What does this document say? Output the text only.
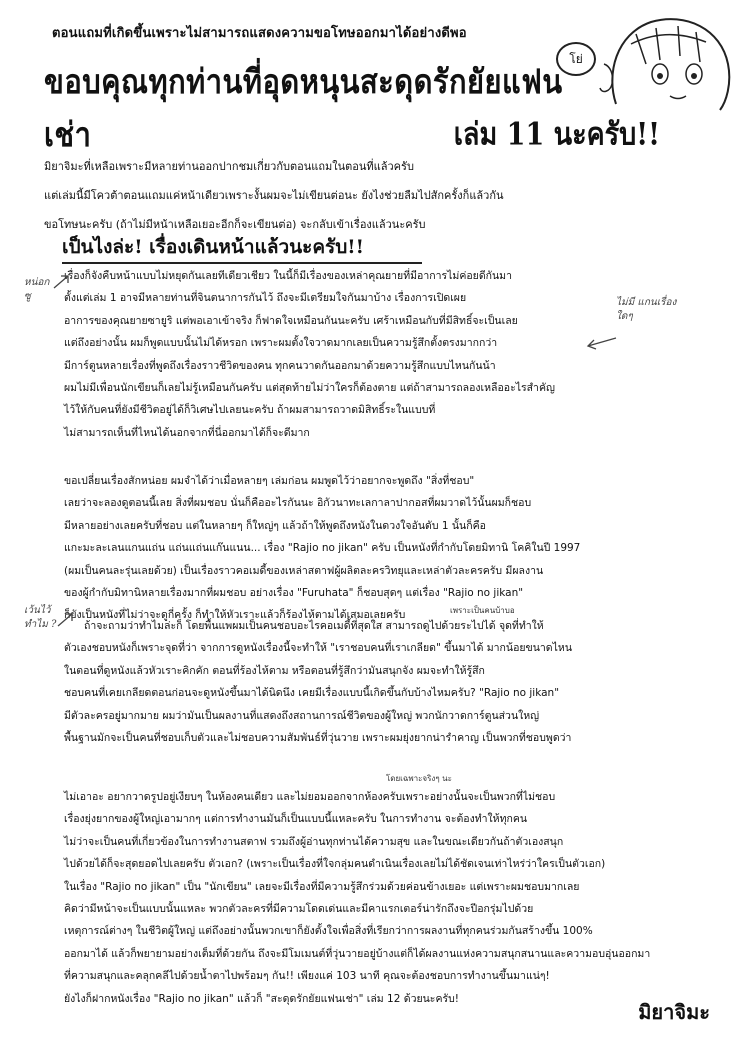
ตอนแถมที่เกิดขึ้นเพราะไม่สามารถแสดงความขอโทษออกมาได้อย่างดีพอ
โย่
ขอบคุณทุกท่านที่อุดหนุนสะดุดรักยัยแฟนเช่า	เล่ม 11 นะครับ!!
มิยาจิมะที่เหลือเพราะมีหลายท่านออกปากชมเกี่ยวกับตอนแถมในตอนที่แล้วครับ
แต่เล่มนี้มีโควต้าตอนแถมแค่หน้าเดียวเพราะงั้นผมจะไม่เขียนต่อนะ ยังไงช่วยลืมไปสักครั้งก็แล้วกัน
ขอโทษนะครับ (ถ้าไม่มีหน้าเหลือเยอะอีกก็จะเขียนต่อ) จะกลับเข้าเรื่องแล้วนะครับ
เป็นไงล่ะ! เรื่องเดินหน้าแล้วนะครับ!!

เรื่องก็จังคืบหน้าแบบไม่หยุดกันเลยทีเดียวเชียว ในนี้ก็มีเรื่องของเหล่าคุณยายที่มีอาการไม่ค่อยดีกันมา

ตั้งแต่เล่ม 1 อาจมีหลายท่านที่จินตนาการกันไว้ ถึงจะมีเตรียมใจกันมาบ้าง เรื่องการเปิดเผย

อาการของคุณยายซายูริ แต่พอเอาเข้าจริง ก็ฟาดใจเหมือนกันนะครับ เศร้าเหมือนกับที่มีสิทธิ์จะเป็นเลย

แต่ถึงอย่างนั้น ผมก็พูดแบบนั้นไม่ได้หรอก เพราะผมตั้งใจวาดมากเลยเป็นความรู้สึกตั้งตรงมากกว่า

มีการ์ตูนหลายเรื่องที่พูดถึงเรื่องราวชีวิตของคน ทุกคนวาดกันออกมาด้วยความรู้สึกแบบไหนกันน้า

ผมไม่มีเพื่อนนักเขียนก็เลยไม่รู้เหมือนกันครับ แต่สุดท้ายไม่ว่าใครก็ต้องตาย แต่ถ้าสามารถลองเหลืออะไรสำคัญ

ไว้ให้กับคนที่ยังมีชีวิตอยู่ได้ก็วิเศษไปเลยนะครับ ถ้าผมสามารถวาดมิสิทธิ์ระในแบบที่

ไม่สามารถเห็นที่ไหนได้นอกจากที่นี่ออกมาได้ก็จะดีมาก

ขอเปลี่ยนเรื่องสักหน่อย ผมจำได้ว่าเมื่อหลายๆ เล่มก่อน ผมพูดไว้ว่าอยากจะพูดถึง "สิ่งที่ชอบ"

เลยว่าจะลองดูตอนนี้เลย สิ่งที่ผมชอบ นั่นก็คืออะไรกันนะ อิกัวนาทะเลกาลาปากอสที่ผมวาดไว้นั้นผมก็ชอบ

มีหลายอย่างเลยครับที่ชอบ แต่ในหลายๆ ก็ใหญ่ๆ แล้วถ้าให้พูดถึงหนังในดวงใจอันดับ 1 นั้นก็คือ

แกะมะละเลนแกนแถ่น แถ่นแถ่นแก๊นแนน... เรื่อง "Rajio no jikan" ครับ เป็นหนังที่กำกับโดยมิทานิ โคคิในปี 1997

(ผมเป็นคนละรุ่นเลยด้วย) เป็นเรื่องราวคอเมดี้ของเหล่าสตาฟผู้ผลิตละครวิทยุและเหล่าตัวละครครับ มีผลงาน

ของผู้กำกับมิทานิหลายเรื่องมากที่ผมชอบ อย่างเรื่อง "Furuhata" ก็ชอบสุดๆ แต่เรื่อง "Rajio no jikan"

ก็ยังเป็นหนังที่ไม่ว่าจะดูกี่ครั้ง ก็ทำให้หัวเราะแล้วก็ร้องไห้ตามได้เสมอเลยครับ

ถ้าจะถามว่าทำไมล่ะก็ โดยพื้นแพผมเป็นคนชอบอะไรคอเมดี้ที่สุดใส สามารถดูไปด้วยระไปได้ จุดที่ทำให้

ตัวเองชอบหนังก็เพราะจุดที่ว่า จากการดูหนังเรื่องนี้จะทำให้ "เราชอบคนที่เราเกลียด" ขึ้นมาได้ มากน้อยขนาดไหน

ในตอนที่ดูหนังแล้วหัวเราะคิกคัก ตอนที่ร้องไห้ตาม หรือตอนที่รู้สึกว่ามันสนุกจัง ผมจะทำให้รู้สึก

ชอบคนที่เคยเกลียดตอนก่อนจะดูหนังขึ้นมาได้นิดนึง เคยมีเรื่องแบบนี้เกิดขึ้นกับบ้างไหมครับ? "Rajio no jikan"

มีตัวละครอยู่มากมาย ผมว่ามันเป็นผลงานที่แสดงถึงสถานการณ์ชีวิตของผู้ใหญ่ พวกนักวาดการ์ตูนส่วนใหญ่

พื้นฐานมักจะเป็นคนที่ชอบเก็บตัวและไม่ชอบความสัมพันธ์ที่วุ่นวาย เพราะผมยุ่งยากน่ารำคาญ เป็นพวกที่ชอบพูดว่า

ไม่เอาอะ อยากวาดรูปอยู่เงียบๆ ในห้องคนเดียว และไม่ยอมออกจากห้องครับเพราะอย่างนั้นจะเป็นพวกที่ไม่ชอบ

เรื่องยุ่งยากของผู้ใหญ่เอามากๆ แต่การทำงานมันก็เป็นแบบนี้แหละครับ ในการทำงาน จะต้องทำให้ทุกคน

ไม่ว่าจะเป็นคนที่เกี่ยวข้องในการทำงานสตาฟ รวมถึงผู้อ่านทุกท่านได้ความสุข และในขณะเดียวกันถ้าตัวเองสนุก

ไปด้วยได้ก็จะสุดยอดไปเลยครับ ตัวเอก? (เพราะเป็นเรื่องที่ใจกลุ่มคนดำเนินเรื่องเลยไม่ได้ชัดเจนเท่าไหร่ว่าใครเป็นตัวเอก)

ในเรื่อง "Rajio no jikan" เป็น "นักเขียน" เลยจะมีเรื่องที่มีความรู้สึกร่วมด้วยค่อนข้างเยอะ แต่เพราะผมชอบมากเลย

คิดว่ามีหน้าจะเป็นแบบนั้นแหละ พวกตัวละครที่มีความโดดเด่นและมีคาแรกเตอร์น่ารักถึงจะปีอกรุ่มไปด้วย

เหตุการณ์ต่างๆ ในชีวิตผู้ใหญ่ แต่ถึงอย่างนั้นพวกเขาก็ยังตั้งใจเพื่อสิ่งที่เรียกว่าการผลงานที่ทุกคนร่วมกันสร้างขึ้น 100%

ออกมาได้ แล้วก็พยายามอย่างเต็มที่ด้วยกัน ถึงจะมีโมเมนต์ที่วุ่นวายอยู่บ้างแต่ก็ได้ผลงานแห่งความสนุกสนานและความอบอุ่นออกมา

ที่ความสนุกและคลุกคลีไปด้วยน้ำตาไปพร้อมๆ กัน!! เพียงแค่ 103 นาที คุณจะต้องชอบการทำงานขึ้นมาแน่ๆ!

ยังไงก็ฝากหนังเรื่อง "Rajio no jikan" แล้วก็ "สะดุดรักยัยแฟนเช่า" เล่ม 12 ด้วยนะครับ!

หน่อก ซู
ไม่มี แกนเรื่อง ใดๆ
เว้นไว้ ทำไม ?
เพราะเป็นคนบ้าบอ
โดยเฉพาะจริงๆ นะ
มิยาจิมะ
